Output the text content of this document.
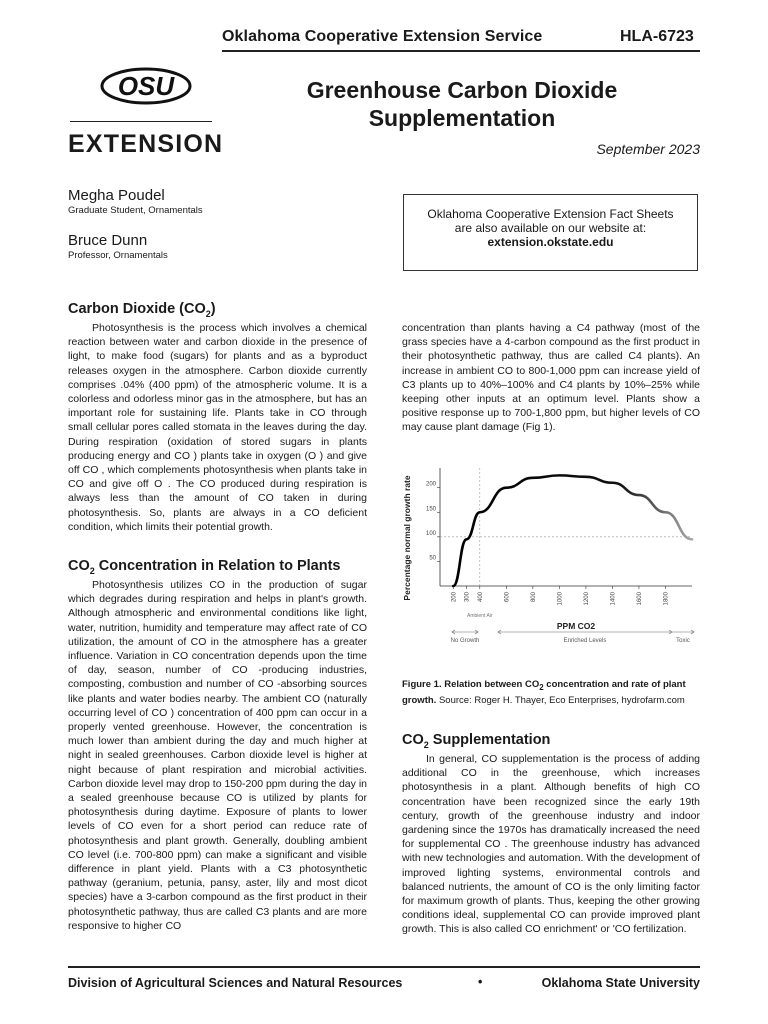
Oklahoma Cooperative Extension Service	HLA-6723
OSU
EXTENSION
Greenhouse Carbon Dioxide
Supplementation
September 2023
Megha Poudel
Graduate Student, Ornamentals
Bruce Dunn
Professor, Ornamentals
Oklahoma Cooperative Extension Fact Sheets
are also available on our website at:
extension.okstate.edu
Carbon Dioxide $(CO_2)$

Photosynthesis is the process which involves a chemical reaction between water and carbon dioxide in the presence of light, to make food (sugars) for plants and as a byproduct releases oxygen in the atmosphere. Carbon dioxide currently comprises .04% (400 ppm) of the atmospheric volume. It is a colorless and odorless minor gas in the atmosphere, but has an important role for sustaining life. Plants take in CO through small cellular pores called stomata in the leaves during the day. During respiration (oxidation of stored sugars in plants producing energy and CO ) plants take in oxygen (O ) and give off CO , which complements photosynthesis when plants take in CO and give off O . The CO produced during respiration is always less than the amount of CO taken in during photosynthesis. So, plants are always in a CO deficient condition, which limits their potential growth.

$CO_2$ Concentration in Relation to Plants

Photosynthesis utilizes CO in the production of sugar which degrades during respiration and helps in plant's growth. Although atmospheric and environmental conditions like light, water, nutrition, humidity and temperature may affect rate of CO utilization, the amount of CO in the atmosphere has a greater influence. Variation in CO concentration depends upon the time of day, season, number of CO -producing industries, composting, combustion and number of CO -absorbing sources like plants and water bodies nearby. The ambient CO (naturally occurring level of CO ) concentration of 400 ppm can occur in a properly vented greenhouse. However, the concentration is much lower than ambient during the day and much higher at night in sealed greenhouses. Carbon dioxide level is higher at night because of plant respiration and microbial activities. Carbon dioxide level may drop to 150-200 ppm during the day in a sealed greenhouse because CO is utilized by plants for photosynthesis during daytime. Exposure of plants to lower levels of CO even for a short period can reduce rate of photosynthesis and plant growth. Generally, doubling ambient CO level (i.e. 700-800 ppm) can make a significant and visible difference in plant yield. Plants with a C3 photosynthetic pathway (geranium, petunia, pansy, aster, lily and most dicot species) have a 3-carbon compound as the first product in their photosynthetic pathway, thus are called C3 plants and are more responsive to higher CO

concentration than plants having a C4 pathway (most of the grass species have a 4-carbon compound as the first product in their photosynthetic pathway, thus are called C4 plants). An increase in ambient CO to 800-1,000 ppm can increase yield of C3 plants up to 40%–100% and C4 plants by 10%–25% while keeping other inputs at an optimum level. Plants show a positive response up to 700-1,800 ppm, but higher levels of CO may cause plant damage (Fig 1).

Percentage normal growth rate
PPM CO2
50
100
150
200
200 300 400	600	800	1000	1200	1400	1600	1800
Ambient Air
No Growth	Enriched Levels	Toxic
Figure 1. Relation between $CO_2$ concentration and rate of plant growth. Source: Roger H. Thayer, Eco Enterprises, hydrofarm.com
$CO_2$ Supplementation

In general, CO supplementation is the process of adding additional CO in the greenhouse, which increases photosynthesis in a plant. Although benefits of high CO concentration have been recognized since the early 19th century, growth of the greenhouse industry and indoor gardening since the 1970s has dramatically increased the need for supplemental CO . The greenhouse industry has advanced with new technologies and automation. With the development of improved lighting systems, environmental controls and balanced nutrients, the amount of CO is the only limiting factor for maximum growth of plants. Thus, keeping the other growing conditions ideal, supplemental CO can provide improved plant growth. This is also called CO enrichment' or 'CO fertilization.

Division of Agricultural Sciences and Natural Resources	•	Oklahoma State University
